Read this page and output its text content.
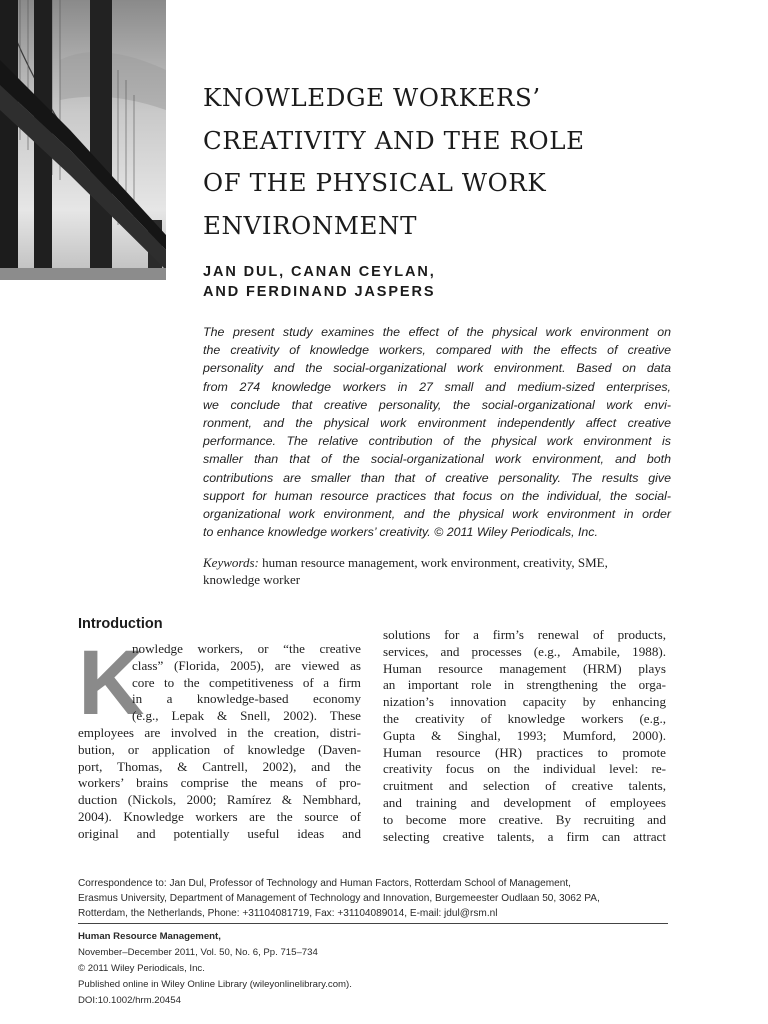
KNOWLEDGE WORKERS’
CREATIVITY AND THE ROLE
OF THE PHYSICAL WORK
ENVIRONMENT
JAN DUL, CANAN CEYLAN,
AND FERDINAND JASPERS
The present study examines the effect of the physical work environment on
the creativity of knowledge workers, compared with the effects of creative
personality and the social-organizational work environment. Based on data
from 274 knowledge workers in 27 small and medium-sized enterprises,
we conclude that creative personality, the social-organizational work envi-
ronment, and the physical work environment independently affect creative
performance. The relative contribution of the physical work environment is
smaller than that of the social-organizational work environment, and both
contributions are smaller than that of creative personality. The results give
support for human resource practices that focus on the individual, the social-
organizational work environment, and the physical work environment in order
to enhance knowledge workers’ creativity. © 2011 Wiley Periodicals, Inc.
Keywords: human resource management, work environment, creativity, SME,
knowledge worker
Introduction
K
nowledge workers, or “the creative
class” (Florida, 2005), are viewed as
core to the competitiveness of a firm
in a knowledge-based economy
(e.g., Lepak & Snell, 2002). These
employees are involved in the creation, distri-
bution, or application of knowledge (Daven-
port, Thomas, & Cantrell, 2002), and the
workers’ brains comprise the means of pro-
duction (Nickols, 2000; Ramírez & Nembhard,
2004). Knowledge workers are the source of
original and potentially useful ideas and
solutions for a firm’s renewal of products,
services, and processes (e.g., Amabile, 1988).
Human resource management (HRM) plays
an important role in strengthening the orga-
nization’s innovation capacity by enhancing
the creativity of knowledge workers (e.g.,
Gupta & Singhal, 1993; Mumford, 2000).
Human resource (HR) practices to promote
creativity focus on the individual level: re-
cruitment and selection of creative talents,
and training and development of employees
to become more creative. By recruiting and
selecting creative talents, a firm can attract
Correspondence to: Jan Dul, Professor of Technology and Human Factors, Rotterdam School of Management,
Erasmus University, Department of Management of Technology and Innovation, Burgemeester Oudlaan 50, 3062 PA,
Rotterdam, the Netherlands, Phone: +31104081719, Fax: +31104089014, E-mail: jdul@rsm.nl
Human Resource Management,
November–December 2011, Vol. 50, No. 6, Pp. 715–734
© 2011 Wiley Periodicals, Inc.
Published online in Wiley Online Library (wileyonlinelibrary.com).
DOI:10.1002/hrm.20454
